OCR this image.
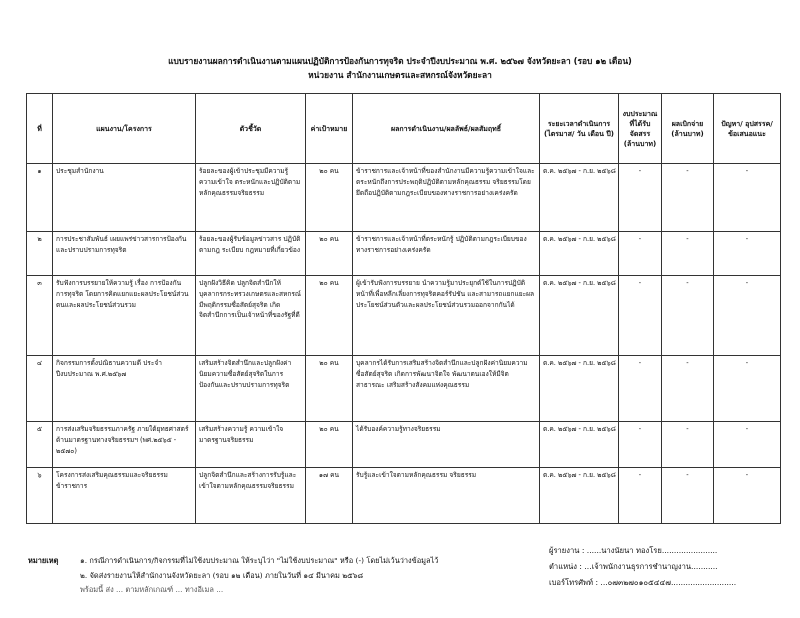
แบบรายงานผลการดำเนินงานตามแผนปฏิบัติการป้องกันการทุจริต ประจำปีงบประมาณ พ.ศ. ๒๕๖๗ จังหวัดยะลา (รอบ ๑๒ เดือน)
หน่วยงาน สำนักงานเกษตรและสหกรณ์จังหวัดยะลา
ที่	แผนงาน/โครงการ	ตัวชี้วัด	ค่าเป้าหมาย	ผลการดำเนินงาน/ผลลัพธ์/ผลสัมฤทธิ์	ระยะเวลาดำเนินการ (ไตรมาส/ วัน เดือน ปี)	งบประมาณ ที่ได้รับ จัดสรร (ล้านบาท)	ผลเบิกจ่าย (ล้านบาท)	ปัญหา/ อุปสรรค/ ข้อเสนอแนะ
๑	ประชุมสำนักงาน	ร้อยละของผู้เข้าประชุมมีความรู้ความเข้าใจ ตระหนักและปฏิบัติตามหลักคุณธรรมจริยธรรม	๒๐ คน	ข้าราชการและเจ้าหน้าที่ของสำนักงานมีความรู้ความเข้าใจและตระหนักถึงการประพฤติปฏิบัติตามหลักคุณธรรม จริยธรรมโดยยึดถือปฏิบัติตามกฎระเบียบของทางราชการอย่างเคร่งครัด	ต.ค. ๒๕๖๗ - ก.ย. ๒๕๖๘	-	-	-
๒	การประชาสัมพันธ์ เผยแพร่ข่าวสารการป้องกันและปราบปรามการทุจริต	ร้อยละของผู้รับข้อมูลข่าวสาร ปฏิบัติตามกฎ ระเบียบ กฎหมายที่เกี่ยวข้อง	๒๐ คน	ข้าราชการและเจ้าหน้าที่ตระหนักรู้ ปฏิบัติตามกฎระเบียบของทางราชการอย่างเคร่งครัด	ต.ค. ๒๕๖๗ - ก.ย. ๒๕๖๘	-	-	-
๓	รับฟังการบรรยายให้ความรู้ เรื่อง การป้องกันการทุจริต โดยการคิดแยกแยะผลประโยชน์ส่วนตนและผลประโยชน์ส่วนรวม	ปลูกฝังวิธีคิด ปลูกจิตสำนึกให้บุคลากรกระทรวงเกษตรและสหกรณ์มีพฤติกรรมซื่อสัตย์สุจริต เกิดจิตสำนึกการเป็นเจ้าหน้าที่ของรัฐที่ดี	๒๐ คน	ผู้เข้ารับฟังการบรรยาย นำความรู้มาประยุกต์ใช้ในการปฏิบัติหน้าที่เพื่อหลีกเลี่ยงการทุจริตคอร์รัปชัน และสามารถแยกแยะผลประโยชน์ส่วนตัวและผลประโยชน์ส่วนรวมออกจากกันได้	ต.ค. ๒๕๖๗ - ก.ย. ๒๕๖๘	-	-	-
๔	กิจกรรมการตั้งปณิธานความดี ประจำปีงบประมาณ พ.ศ.๒๕๖๗	เสริมสร้างจิตสำนึกและปลูกฝังค่านิยมความซื่อสัตย์สุจริตในการป้องกันและปราบปรามการทุจริต	๒๐ คน	บุคลากรได้รับการเสริมสร้างจิตสำนึกและปลูกฝังค่านิยมความซื่อสัตย์สุจริต เกิดการพัฒนาจิตใจ พัฒนาตนเองให้มีจิตสาธารณะ เสริมสร้างสังคมแห่งคุณธรรม	ต.ค. ๒๕๖๗ - ก.ย. ๒๕๖๘	-	-	-
๕	การส่งเสริมจริยธรรมภาครัฐ ภายใต้ยุทธศาสตร์ด้านมาตรฐานทางจริยธรรมฯ (พศ.๒๕๖๕ - ๒๕๗๐)	เสริมสร้างความรู้ ความเข้าใจมาตรฐานจริยธรรม	๒๐ คน	ได้รับองค์ความรู้ทางจริยธรรม	ต.ค. ๒๕๖๗ - ก.ย. ๒๕๖๘	-	-	-
๖	โครงการส่งเสริมคุณธรรมและจริยธรรมข้าราชการ	ปลูกจิตสำนึกและสร้างการรับรู้และเข้าใจตามหลักคุณธรรมจริยธรรม	๑๗ คน	รับรู้และเข้าใจตามหลักคุณธรรม จริยธรรม	ต.ค. ๒๕๖๗ - ก.ย. ๒๕๖๘	-	-	-
หมายเหตุ	๑. กรณีการดำเนินการ/กิจกรรมที่ไม่ใช้งบประมาณ ให้ระบุไว่า "ไม่ใช้งบประมาณ" หรือ (-) โดยไม่เว้นว่างข้อมูลไว้
๒. จัดส่งรายงานให้สำนักงานจังหวัดยะลา (รอบ ๑๒ เดือน) ภายในวันที่ ๑๔ มีนาคม ๒๕๖๘
พร้อมนี้ ส่ง ... ตามหลักเกณฑ์ ... ทางอีเมล ...
ผู้รายงาน : ......นางนัยนา ทองโรย.......................
ตำแหน่ง : ...เจ้าพนักงานธุรการชำนาญงาน...........
เบอร์โทรศัพท์ : ...๐๗๓๒๗๐๑๐๕๔๔๗...........................
